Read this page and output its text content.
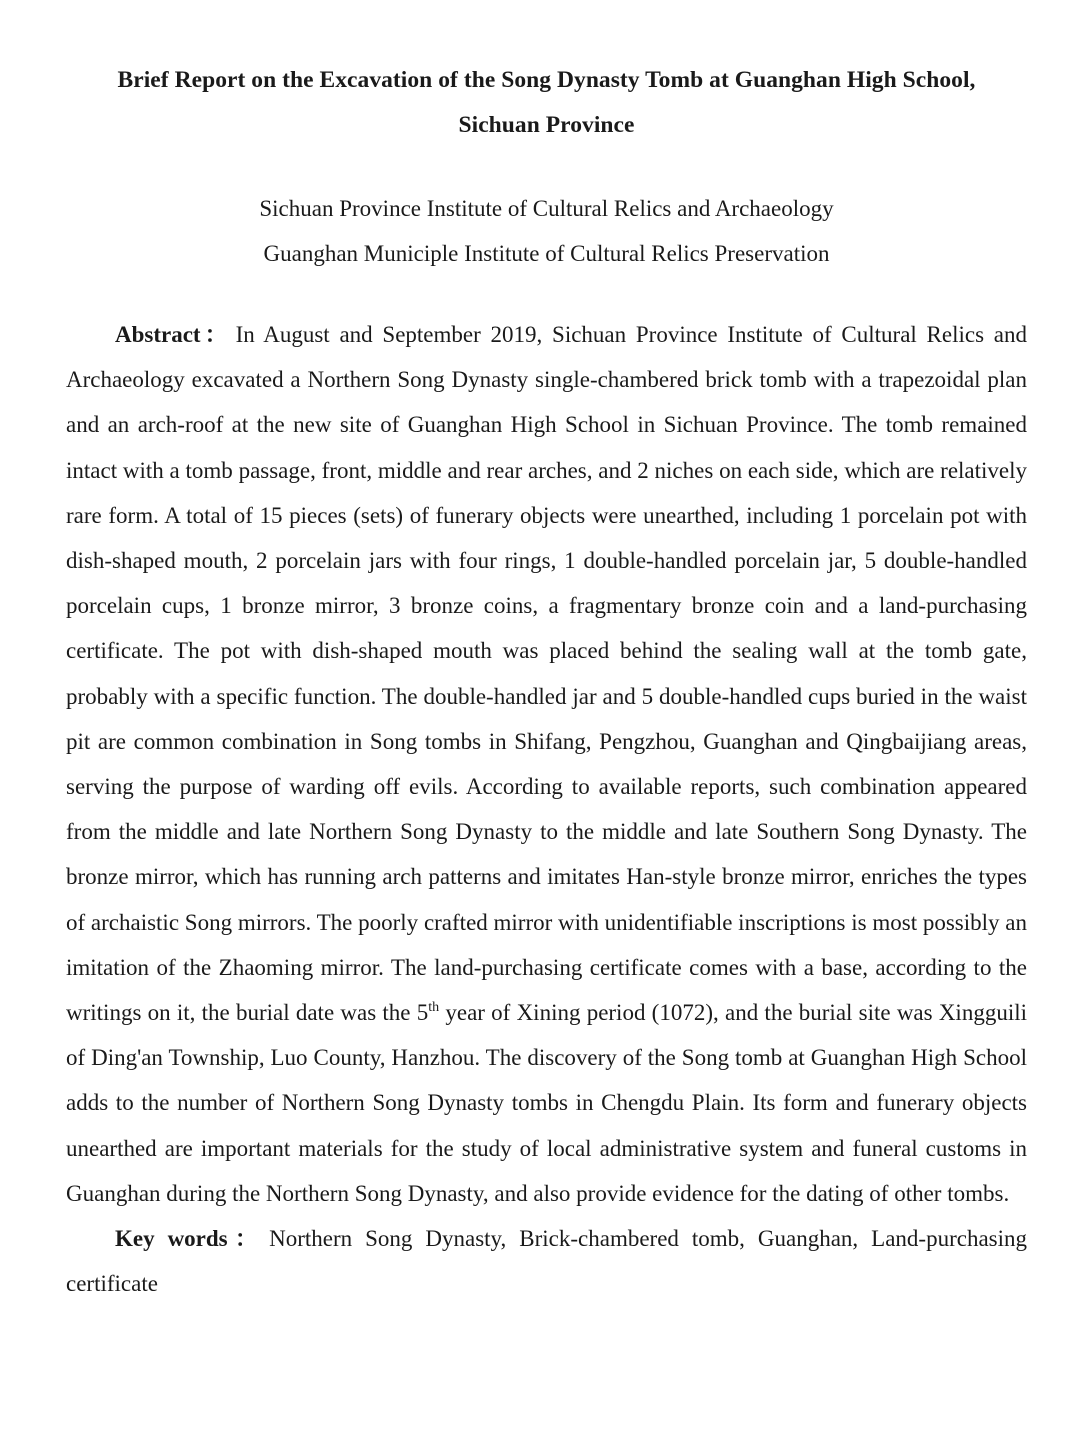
Brief Report on the Excavation of the Song Dynasty Tomb at Guanghan High School,
Sichuan Province
Sichuan Province Institute of Cultural Relics and Archaeology
Guanghan Municiple Institute of Cultural Relics Preservation

Abstract： In August and September 2019, Sichuan Province Institute of Cultural Relics and Archaeology excavated a Northern Song Dynasty single-chambered brick tomb with a trapezoidal plan and an arch-roof at the new site of Guanghan High School in Sichuan Province. The tomb remained intact with a tomb passage, front, middle and rear arches, and 2 niches on each side, which are relatively rare form. A total of 15 pieces (sets) of funerary objects were unearthed, including 1 porcelain pot with dish-shaped mouth, 2 porcelain jars with four rings, 1 double-handled porcelain jar, 5 double-handled porcelain cups, 1 bronze mirror, 3 bronze coins, a fragmentary bronze coin and a land-purchasing certificate. The pot with dish-shaped mouth was placed behind the sealing wall at the tomb gate, probably with a specific function. The double-handled jar and 5 double-handled cups buried in the waist pit are common combination in Song tombs in Shifang, Pengzhou, Guanghan and Qingbaijiang areas, serving the purpose of warding off evils. According to available reports, such combination appeared from the middle and late Northern Song Dynasty to the middle and late Southern Song Dynasty. The bronze mirror, which has running arch patterns and imitates Han-style bronze mirror, enriches the types of archaistic Song mirrors. The poorly crafted mirror with unidentifiable inscriptions is most possibly an imitation of the Zhaoming mirror. The land-purchasing certificate comes with a base, according to the writings on it, the burial date was the 5th year of Xining period (1072), and the burial site was Xingguili of Ding'an Township, Luo County, Hanzhou. The discovery of the Song tomb at Guanghan High School adds to the number of Northern Song Dynasty tombs in Chengdu Plain. Its form and funerary objects unearthed are important materials for the study of local administrative system and funeral customs in Guanghan during the Northern Song Dynasty, and also provide evidence for the dating of other tombs.

Key words： Northern Song Dynasty, Brick-chambered tomb, Guanghan, Land-purchasing certificate
